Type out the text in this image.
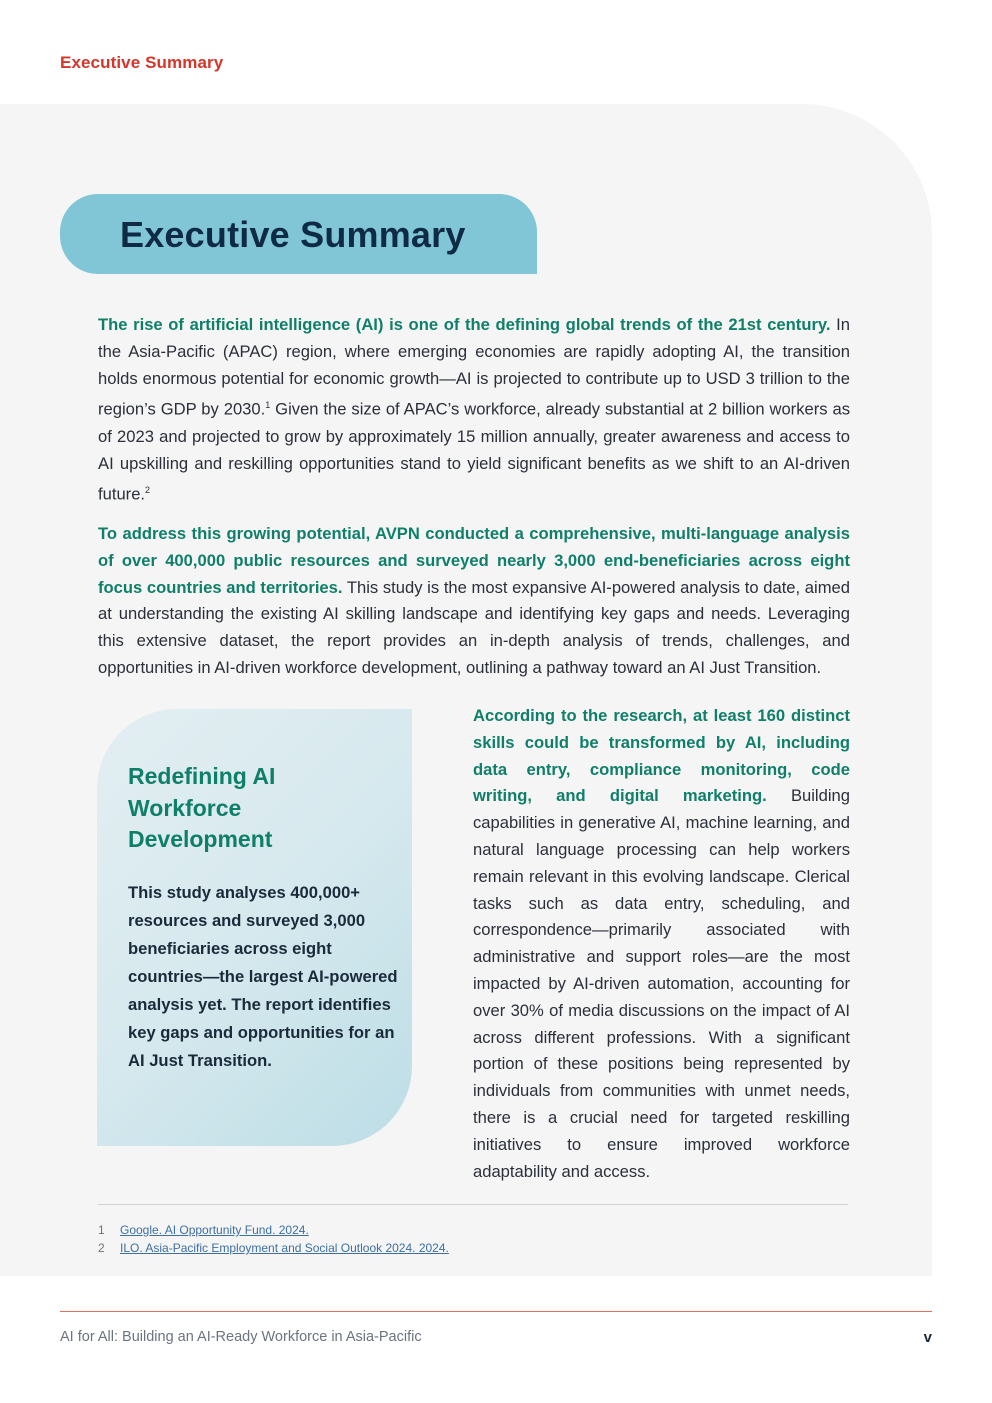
Executive Summary
Executive Summary

The rise of artificial intelligence (AI) is one of the defining global trends of the 21st century. In the Asia-Pacific (APAC) region, where emerging economies are rapidly adopting AI, the transition holds enormous potential for economic growth—AI is projected to contribute up to USD 3 trillion to the region’s GDP by 2030.$^1$ Given the size of APAC’s workforce, already substantial at 2 billion workers as of 2023 and projected to grow by approximately 15 million annually, greater awareness and access to AI upskilling and reskilling opportunities stand to yield significant benefits as we shift to an AI-driven future.$^2$

To address this growing potential, AVPN conducted a comprehensive, multi-language analysis of over 400,000 public resources and surveyed nearly 3,000 end-beneficiaries across eight focus countries and territories. This study is the most expansive AI-powered analysis to date, aimed at understanding the existing AI skilling landscape and identifying key gaps and needs. Leveraging this extensive dataset, the report provides an in-depth analysis of trends, challenges, and opportunities in AI-driven workforce development, outlining a pathway toward an AI Just Transition.

Redefining AI Workforce Development

This study analyses 400,000+ resources and surveyed 3,000 beneficiaries across eight countries—the largest AI-powered analysis yet. The report identifies key gaps and opportunities for an AI Just Transition.

According to the research, at least 160 distinct skills could be transformed by AI, including data entry, compliance monitoring, code writing, and digital marketing. Building capabilities in generative AI, machine learning, and natural language processing can help workers remain relevant in this evolving landscape. Clerical tasks such as data entry, scheduling, and correspondence—primarily associated with administrative and support roles—are the most impacted by AI-driven automation, accounting for over 30% of media discussions on the impact of AI across different professions. With a significant portion of these positions being represented by individuals from communities with unmet needs, there is a crucial need for targeted reskilling initiatives to ensure improved workforce adaptability and access.

1 Google. AI Opportunity Fund. 2024.
2 ILO. Asia-Pacific Employment and Social Outlook 2024. 2024.
AI for All: Building an AI-Ready Workforce in Asia-Pacific	v
